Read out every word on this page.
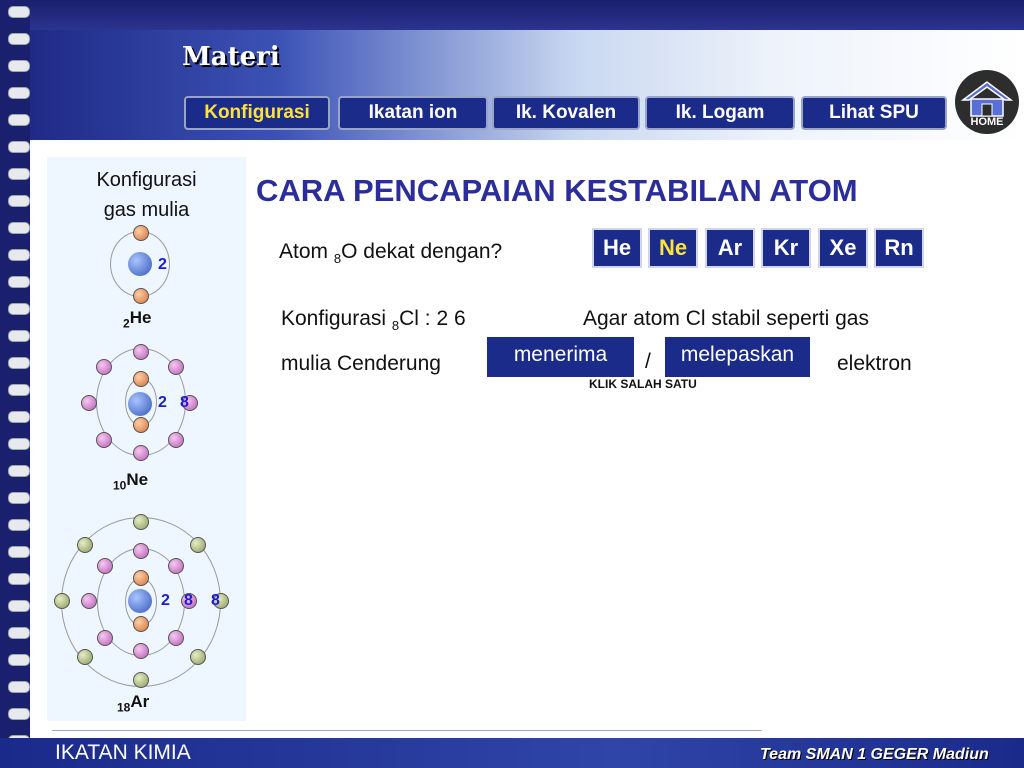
Materi
Konfigurasi	Ikatan ion	Ik. Kovalen	Ik. Logam	Lihat SPU	HOME
Konfigurasi
gas mulia
2
$_2$He
2 8
$_{10}$Ne
2 8 8
$_{18}$Ar
CARA PENCAPAIAN KESTABILAN ATOM
Atom $_8$O dekat dengan?	He	Ne	Ar	Kr	Xe	Rn
Konfigurasi $_8$Cl : 2 6	Agar atom Cl stabil seperti gas
mulia Cenderung	menerima	/	melepaskan	elektron
KLIK SALAH SATU
IKATAN KIMIA	Team SMAN 1 GEGER Madiun
